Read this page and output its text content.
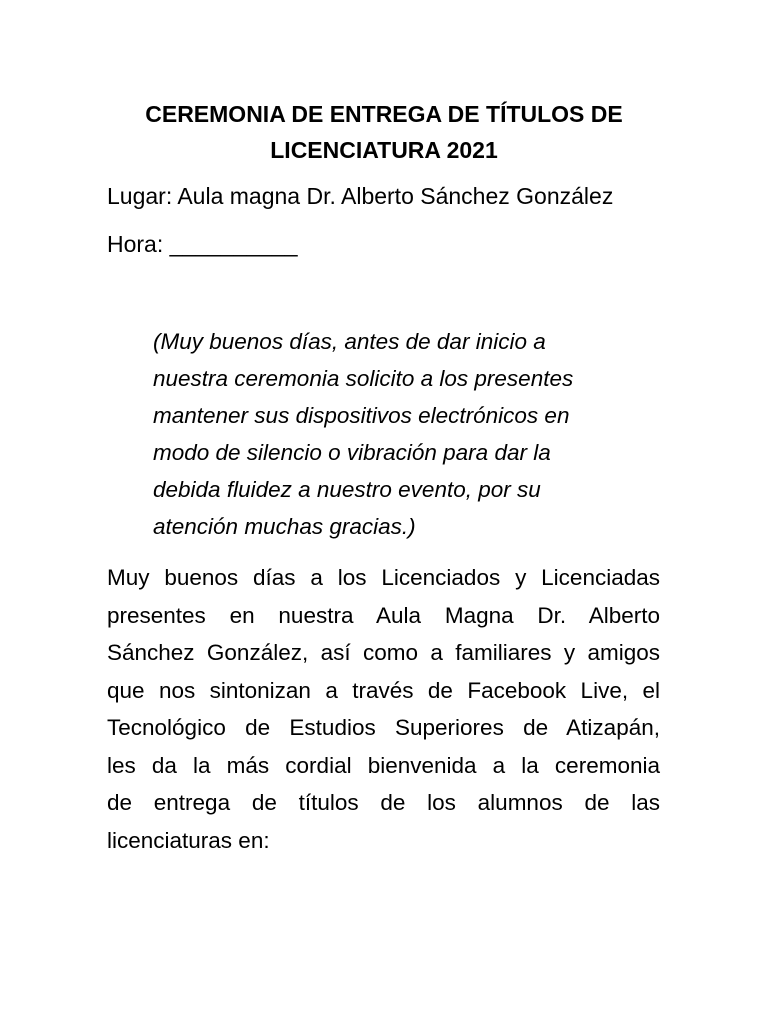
CEREMONIA DE ENTREGA DE TÍTULOS DE
LICENCIATURA 2021
Lugar: Aula magna Dr. Alberto Sánchez González
Hora: __________
(Muy buenos días, antes de dar inicio a
nuestra ceremonia solicito a los presentes
mantener sus dispositivos electrónicos en
modo de silencio o vibración para dar la
debida fluidez a nuestro evento, por su
atención muchas gracias.)
Muy buenos días a los Licenciados y Licenciadas
presentes en nuestra Aula Magna Dr. Alberto
Sánchez González, así como a familiares y amigos
que nos sintonizan a través de Facebook Live, el
Tecnológico de Estudios Superiores de Atizapán,
les da la más cordial bienvenida a la ceremonia
de entrega de títulos de los alumnos de las
licenciaturas en:
